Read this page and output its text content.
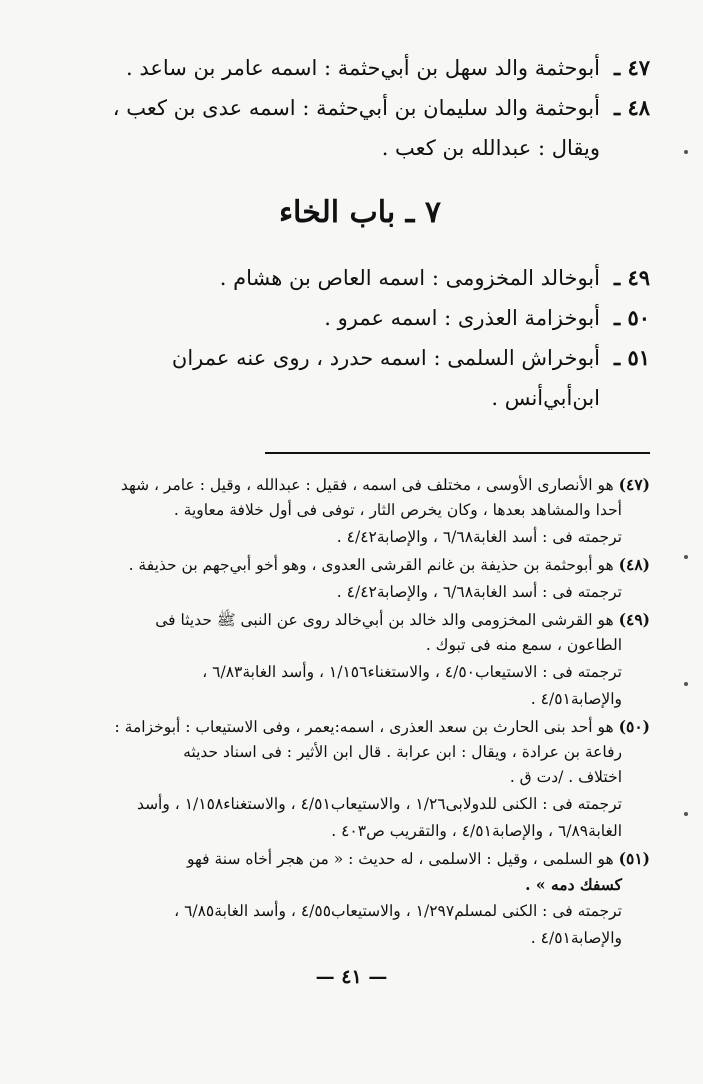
٤٧ ـ
أبوحثمة والد سهل بن أبي‌حثمة : اسمه عامر بن ساعد .
٤٨ ـ
أبوحثمة والد سليمان بن أبي‌حثمة : اسمه عدى بن كعب ،
ويقال : عبدالله بن كعب .
٧ ـ باب الخاء
٤٩ ـ
أبوخالد المخزومى : اسمه العاص بن هشام .
٥٠ ـ
أبوخزامة العذرى : اسمه عمرو .
٥١ ـ
أبوخراش السلمى : اسمه حدرد ، روى عنه عمران
ابن‌أبي‌أنس .
(٤٧) هو الأنصارى الأوسى ، مختلف فى اسمه ، فقيل : عبدالله ، وقيل : عامر ، شهد
أحدا والمشاهد بعدها ، وكان يخرص الثار ، توفى فى أول خلافة معاوية .
ترجمته فى : أسد الغابة٦/٦٨ ، والإصابة٤/٤٢ .
(٤٨) هو أبوحثمة بن حذيفة بن غانم القرشى العدوى ، وهو أخو أبي‌جهم بن حذيفة .
ترجمته فى : أسد الغابة٦/٦٨ ، والإصابة٤/٤٢ .
(٤٩) هو القرشى المخزومى والد خالد بن أبي‌خالد روى عن النبى ﷺ حديثا فى
الطاعون ، سمع منه فى تبوك .
ترجمته فى : الاستيعاب٤/٥٠ ، والاستغناء١/١٥٦ ، وأسد الغابة٦/٨٣ ،
والإصابة٤/٥١ .
(٥٠) هو أحد بنى الحارث بن سعد العذرى ، اسمه:يعمر ، وفى الاستيعاب : أبوخزامة :
رفاعة بن عرادة ، ويقال : ابن عرابة . قال ابن الأثير : فى اسناد حديثه
اختلاف . /دت ق .
ترجمته فى : الكنى للدولابى١/٢٦ ، والاستيعاب٤/٥١ ، والاستغناء١/١٥٨ ، وأسد
الغابة٦/٨٩ ، والإصابة٤/٥١ ، والتقريب ص٤٠٣ .
(٥١) هو السلمى ، وقيل : الاسلمى ، له حديث : « من هجر أخاه سنة فهو
كسفك دمه » .
ترجمته فى : الكنى لمسلم١/٢٩٧ ، والاستيعاب٤/٥٥ ، وأسد الغابة٦/٨٥ ،
والإصابة٤/٥١ .
— ٤١ —
